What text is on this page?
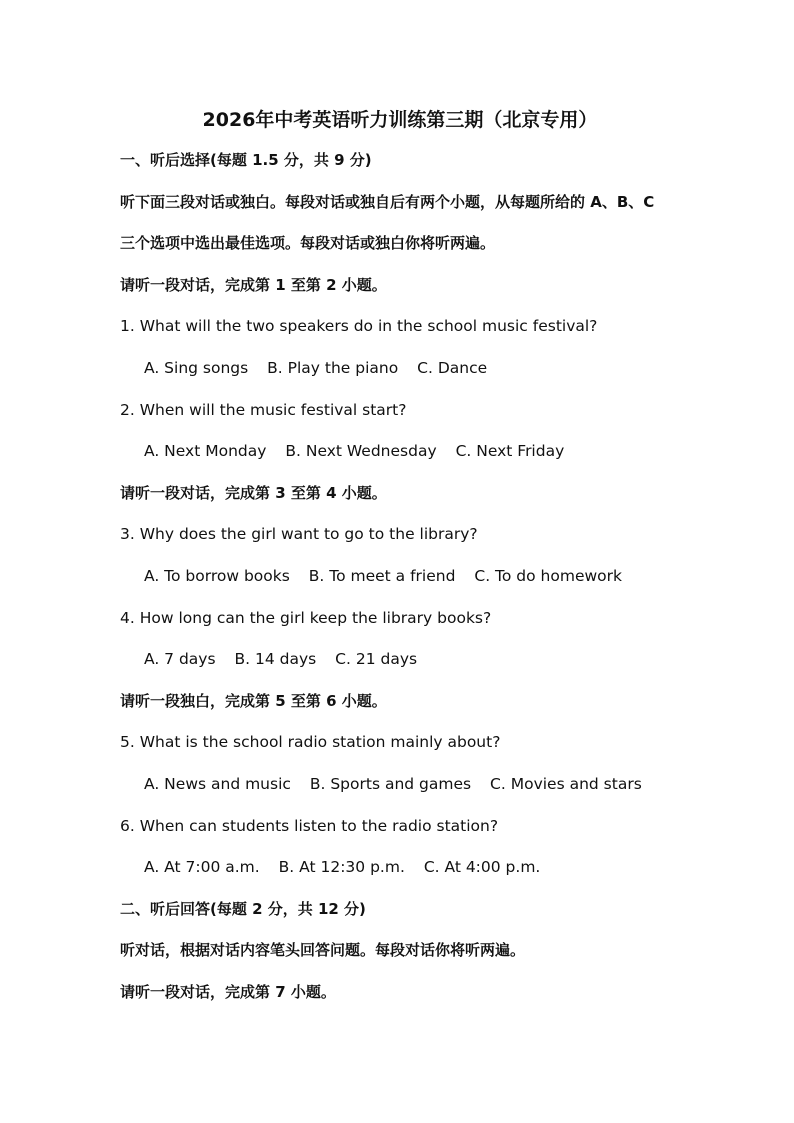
2026年中考英语听力训练第三期（北京专用）
一、听后选择(每题 1.5 分，共 9 分)
听下面三段对话或独白。每段对话或独自后有两个小题，从每题所给的 A、B、C
三个选项中选出最佳选项。每段对话或独白你将听两遍。
请听一段对话，完成第 1 至第 2 小题。
1. What will the two speakers do in the school music festival?
A. Sing songs B. Play the piano C. Dance
2. When will the music festival start?
A. Next Monday B. Next Wednesday C. Next Friday
请听一段对话，完成第 3 至第 4 小题。
3. Why does the girl want to go to the library?
A. To borrow books B. To meet a friend C. To do homework
4. How long can the girl keep the library books?
A. 7 days B. 14 days C. 21 days
请听一段独白，完成第 5 至第 6 小题。
5. What is the school radio station mainly about?
A. News and music B. Sports and games C. Movies and stars
6. When can students listen to the radio station?
A. At 7:00 a.m. B. At 12:30 p.m. C. At 4:00 p.m.
二、听后回答(每题 2 分，共 12 分)
听对话，根据对话内容笔头回答问题。每段对话你将听两遍。
请听一段对话，完成第 7 小题。
